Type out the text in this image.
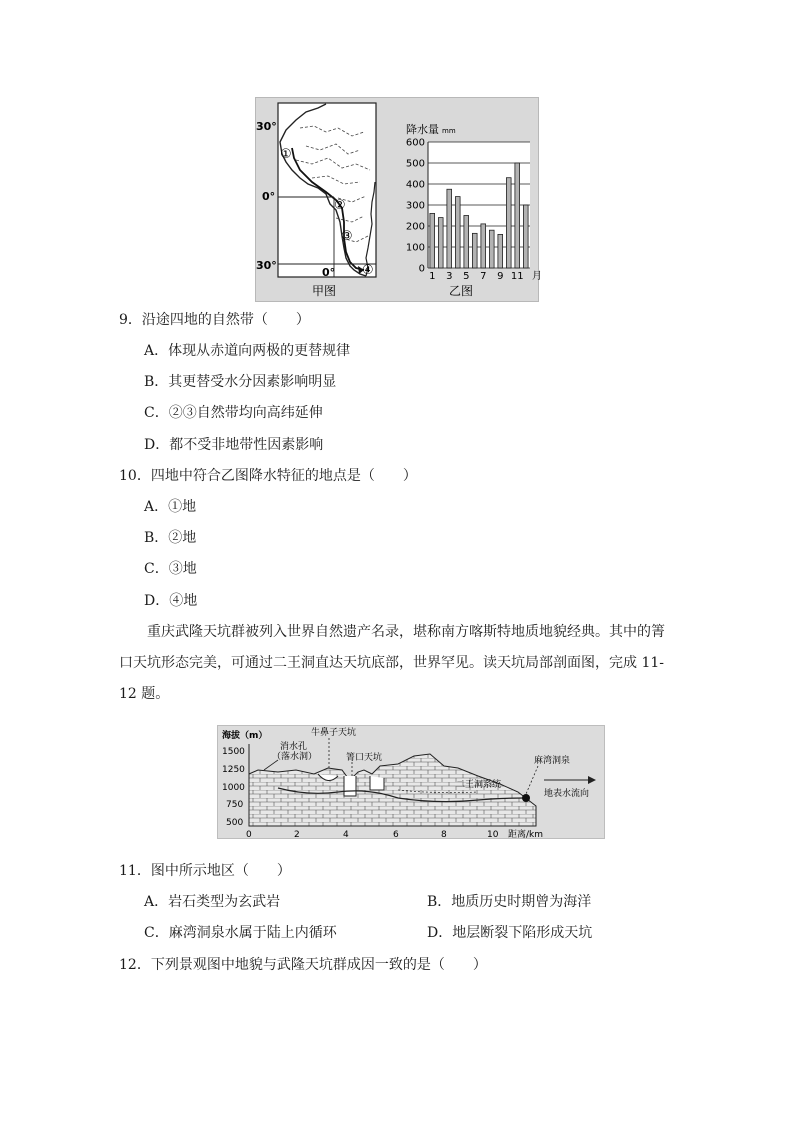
30°
0°
30°
0°
①
②
③
④
甲图
降水量 mm
0
100
200
300
400
500
600
1 3 5 7 9 11 月
乙图
9．沿途四地的自然带（　　）
A．体现从赤道向两极的更替规律
B．其更替受水分因素影响明显
C．②③自然带均向高纬延伸
D．都不受非地带性因素影响
10．四地中符合乙图降水特征的地点是（　　）
A．①地
B．②地
C．③地
D．④地
重庆武隆天坑群被列入世界自然遗产名录，堪称南方喀斯特地质地貌经典。其中的箐
口天坑形态完美，可通过二王洞直达天坑底部，世界罕见。读天坑局部剖面图，完成 11-
12 题。
海拔（m）
1500
1250
1000
750
500
牛鼻子天坑
消水孔
（落水洞）	箐口天坑
二王洞系统
麻湾洞泉
地表水流向
0	2	4	6	8	10 距离/km
11．图中所示地区（　　）
A．岩石类型为玄武岩	B．地质历史时期曾为海洋
C．麻湾洞泉水属于陆上内循环	D．地层断裂下陷形成天坑
12．下列景观图中地貌与武隆天坑群成因一致的是（　　）
